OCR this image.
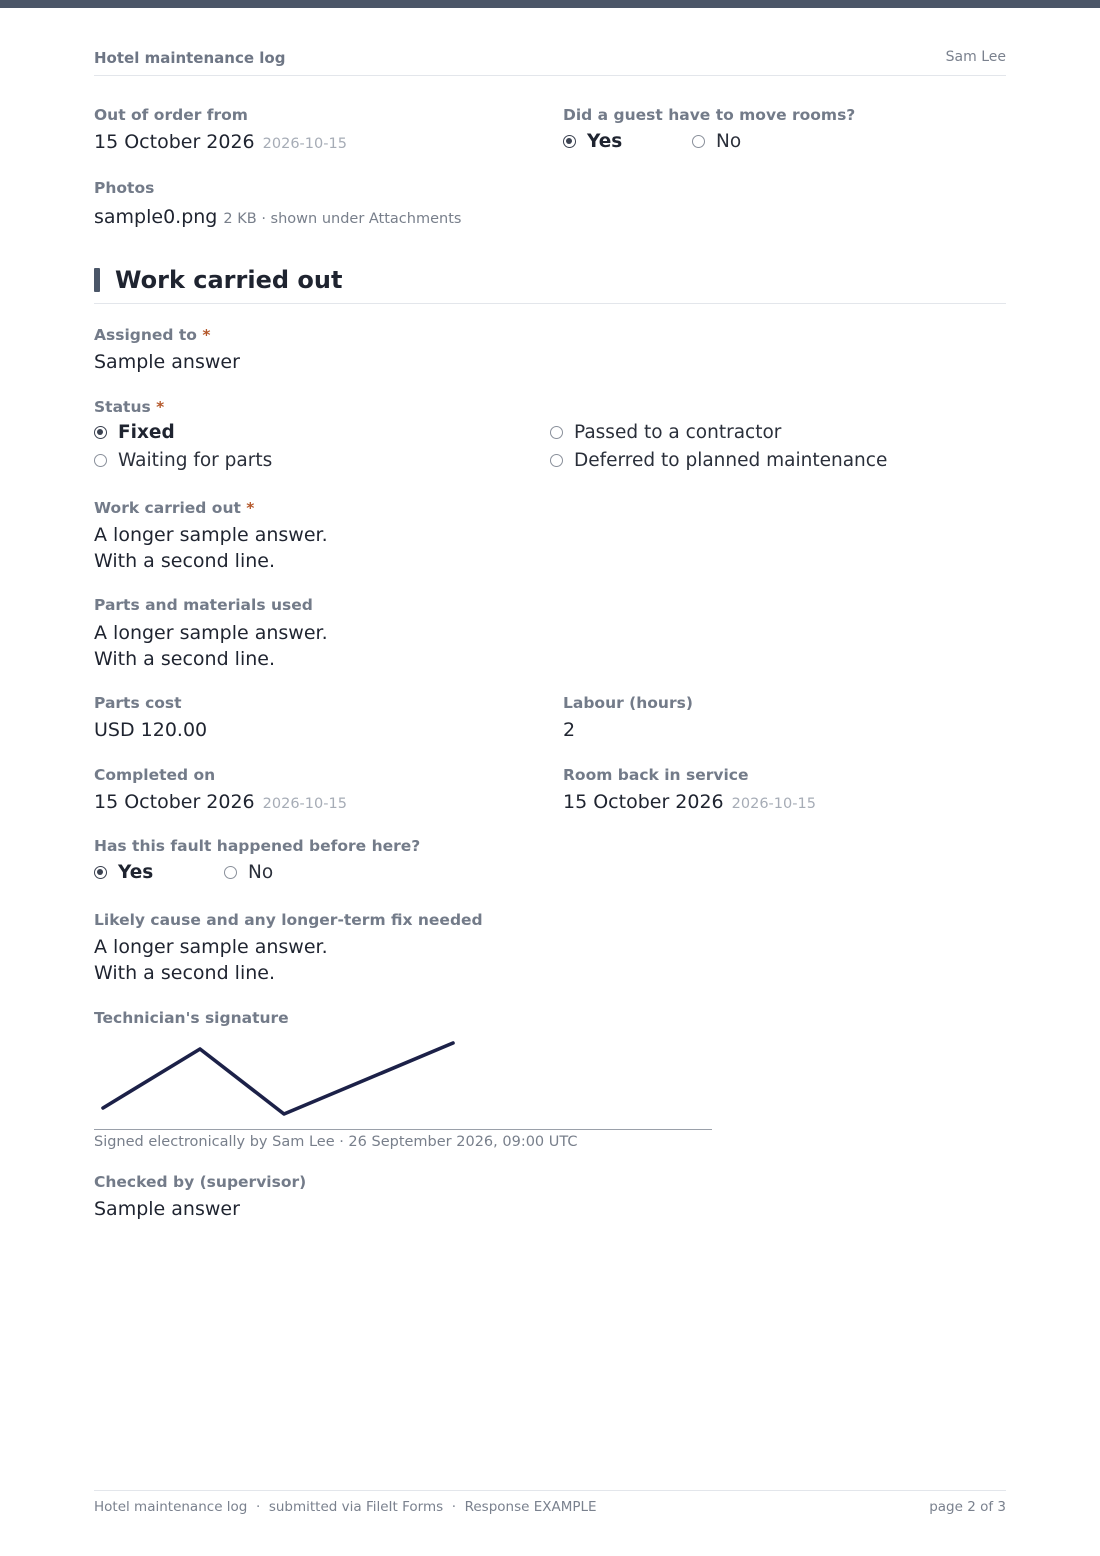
Hotel maintenance log	Sam Lee
Out of order from
15 October 2026 2026-10-15
Did a guest have to move rooms?
Yes	No
Photos
sample0.png 2 KB · shown under Attachments
Work carried out
Assigned to *
Sample answer
Status *
Fixed	Passed to a contractor
Waiting for parts	Deferred to planned maintenance
Work carried out *
A longer sample answer.
With a second line.
Parts and materials used
A longer sample answer.
With a second line.
Parts cost
USD 120.00
Labour (hours)
2
Completed on
15 October 2026 2026-10-15
Room back in service
15 October 2026 2026-10-15
Has this fault happened before here?
Yes	No
Likely cause and any longer-term fix needed
A longer sample answer.
With a second line.
Technician's signature
Signed electronically by Sam Lee · 26 September 2026, 09:00 UTC
Checked by (supervisor)
Sample answer
Hotel maintenance log  ·  submitted via FileIt Forms  ·  Response EXAMPLE	page 2 of 3
